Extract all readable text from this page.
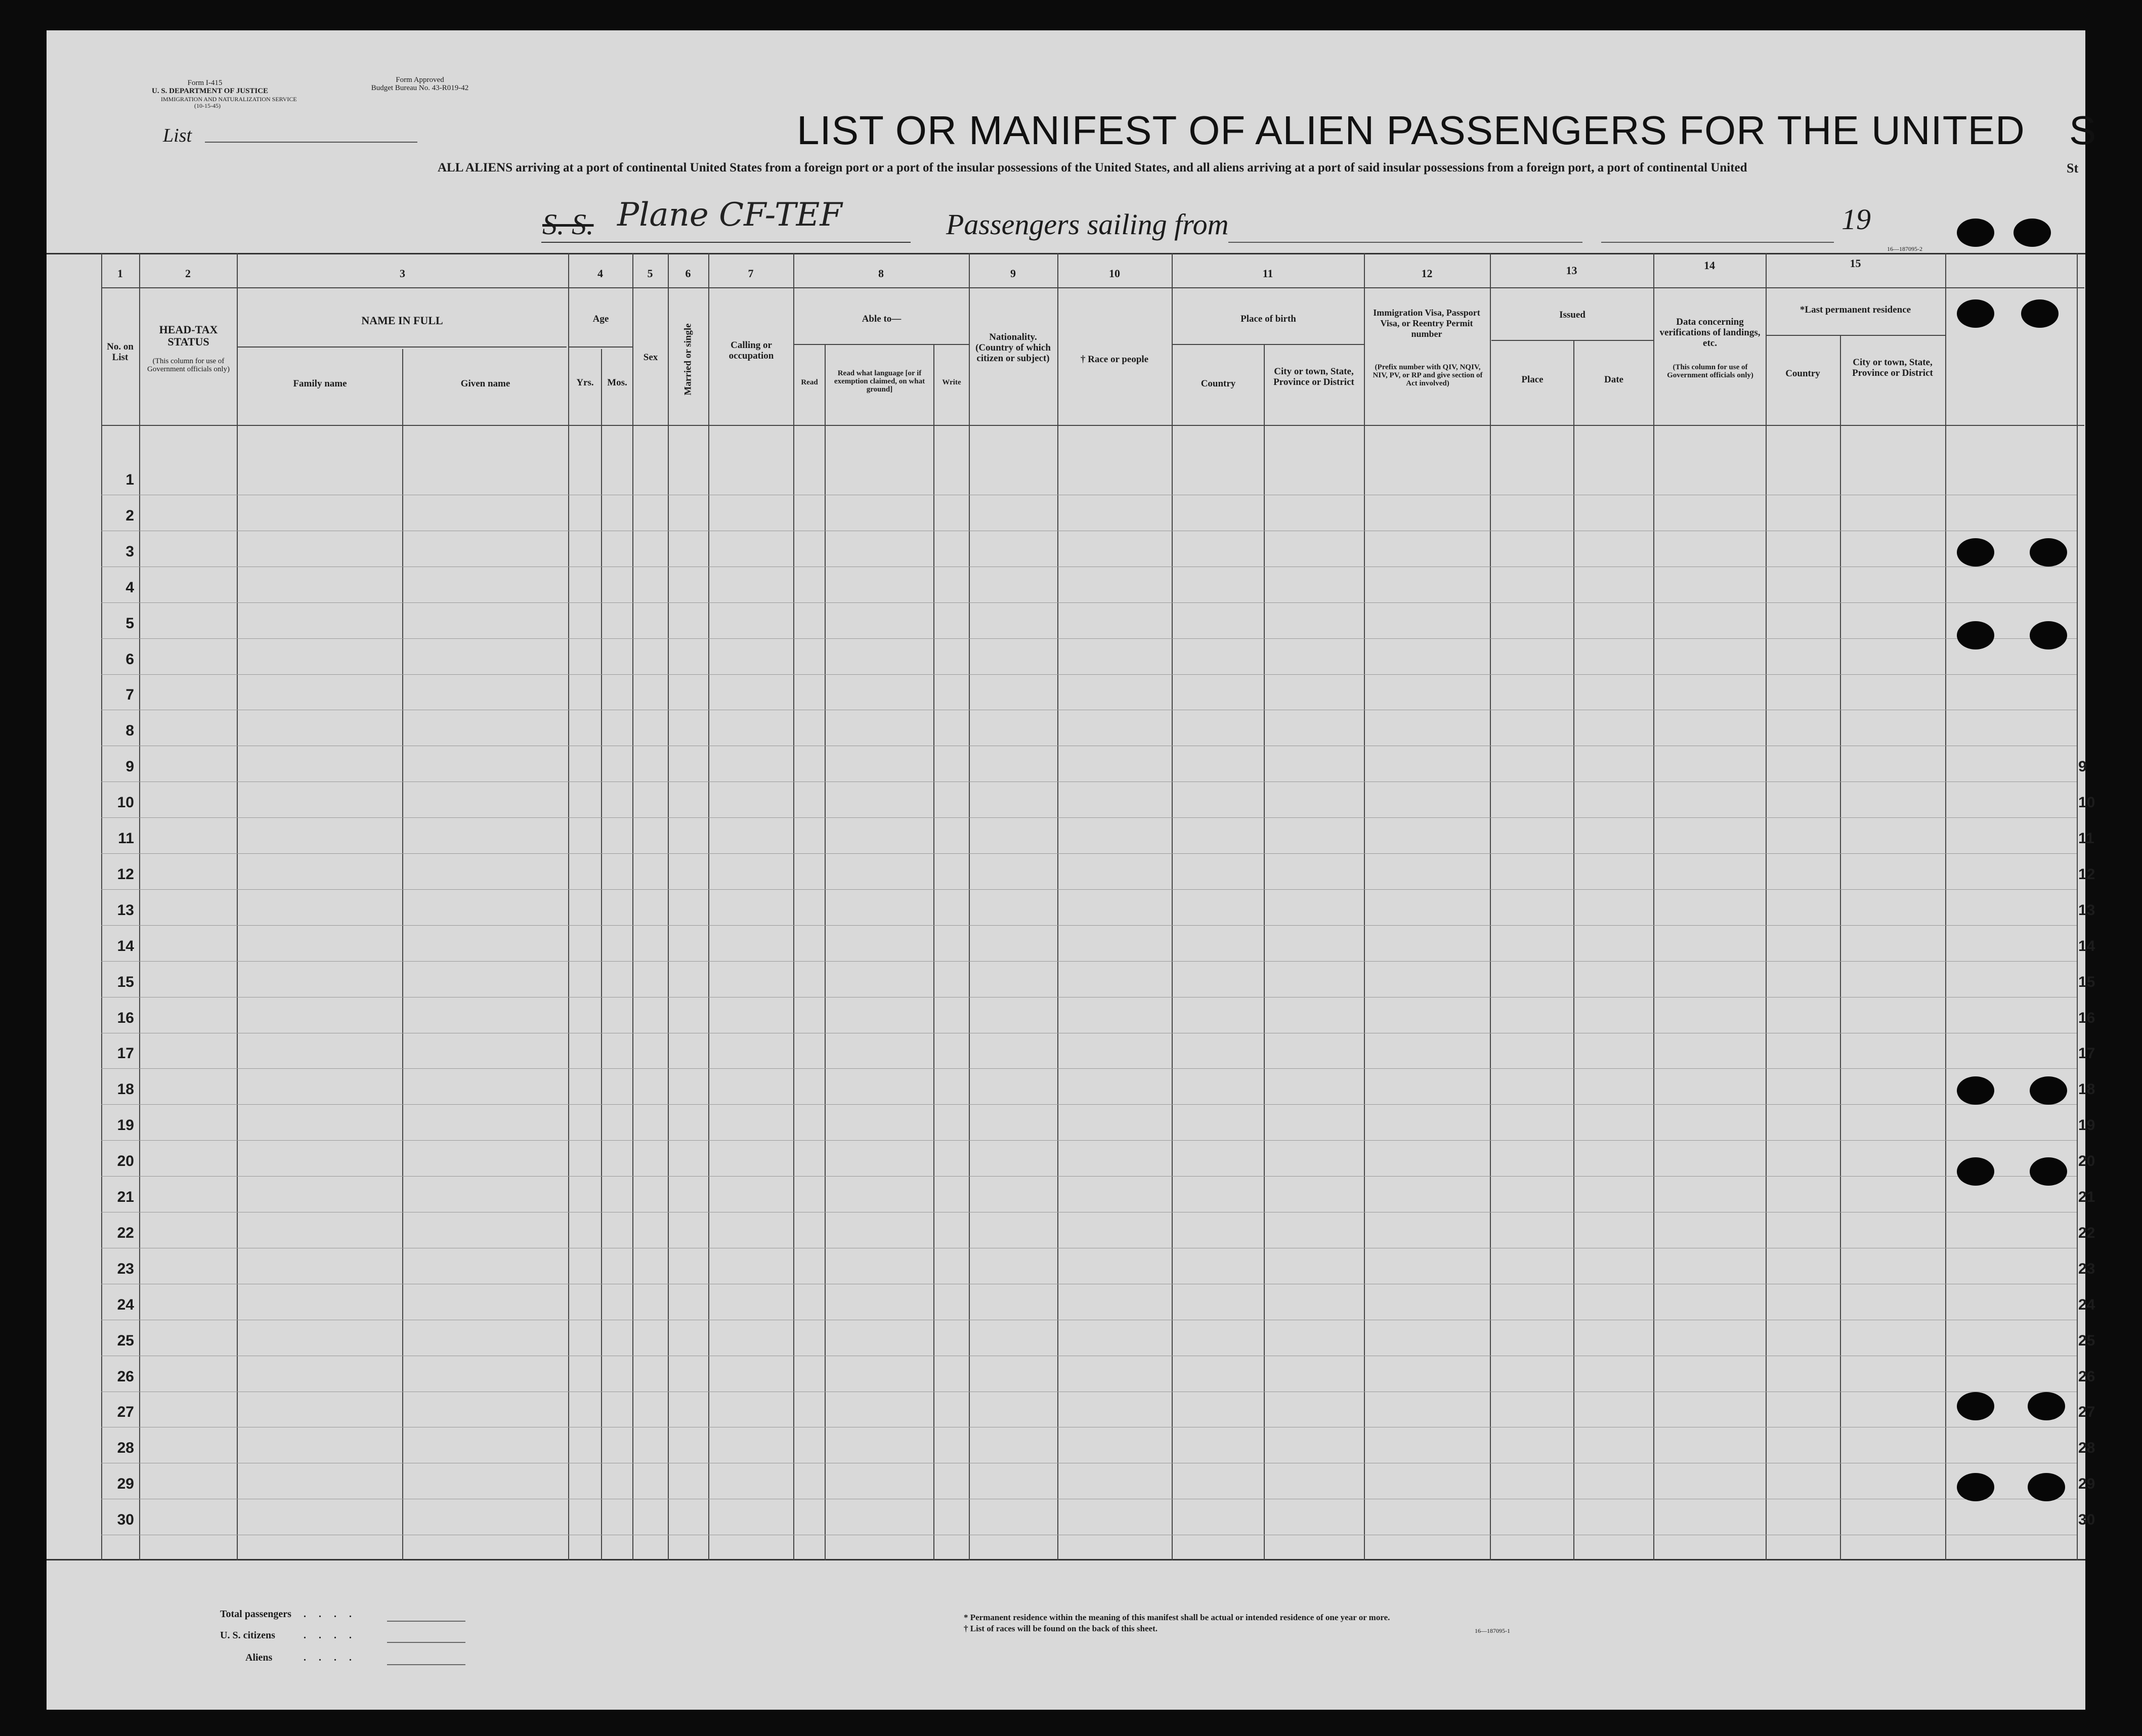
Form I-415
U. S. DEPARTMENT OF JUSTICE
IMMIGRATION AND NATURALIZATION SERVICE
(10-15-45)
Form Approved
Budget Bureau No. 43-R019-42
List	LIST OR MANIFEST OF ALIEN PASSENGERS FOR THE UNITED S
ALL ALIENS arriving at a port of continental United States from a foreign port or a port of the insular possessions of the United States, and all aliens arriving at a port of said insular possessions from a foreign port, a port of continental United	St
S. S. Plane CF-TEF	Passengers sailing from	19
16—187095-2
1	2	3	4	5	6	7	8	9	10	11	12	13	14	15
No. on List
HEAD-TAX STATUS
(This column for use of Government officials only)
NAME IN FULL
Family name	Given name
Age
Yrs.	Mos.
Sex	Married or single	Calling or occupation
Able to—
Read
Read what language [or if exemption claimed, on what ground]
Write
Nationality. (Country of which citizen or subject)	† Race or people
Place of birth
Country
City or town, State, Province or District
Immigration Visa, Passport Visa, or Reentry Permit number
(Prefix number with QIV, NQIV, NIV, PV, or RP and give section of Act involved)
Issued
Place	Date
Data concerning verifications of landings, etc.
(This column for use of Government officials only)
*Last permanent residence
Country
City or town, State, Province or District
1
2
3
4
5
6
7
8
9
10
11
12
13
14
15
16
17
18
19
20
21
22
23
24
25
26
27
28
29
30
9
10
11
12
13
14
15
16
17
18
19
20
21
22
23
24
25
26
27
28
29
30
Total passengers . . . .
U. S. citizens	. . . .
Aliens	. . . .
* Permanent residence within the meaning of this manifest shall be actual or intended residence of one year or more.
† List of races will be found on the back of this sheet.	16—187095-1
